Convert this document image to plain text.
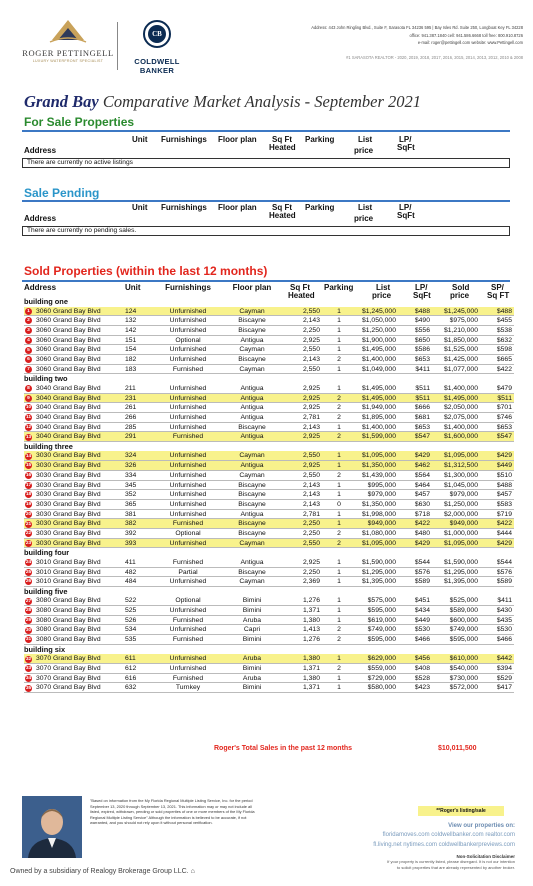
ROGER PETTINGELL
LUXURY WATERFRONT SPECIALIST
CB
COLDWELL BANKER
Address: 443 John Ringling Blvd., Suite F, Sarasota FL 34236 595 | Bay Isles Rd. Suite 250, Longboat Key FL 34228
office: 941.387.1840 cell: 941.586.6668 toll free: 800.910.8726
e-mail: roger@pettingell.com website: www.Pettingell.com
#1 SARASOTA REALTOR - 2020, 2019, 2018, 2017, 2016, 2015, 2014, 2013, 2012, 2010 & 2008
Grand Bay Comparative Market Analysis - September 2021
For Sale Properties
Address
Unit Furnishings Floor plan Sq Ft
Heated
Parking	List
price
LP/
SqFt
There are currently no active listings
Sale Pending
Address
Unit Furnishings Floor plan Sq Ft
Heated
Parking	List
price
LP/
SqFt
There are currently no pending sales.
Sold Properties (within the last 12 months)
Address	Unit	Furnishings	Floor plan	Sq Ft
Heated
Parking	List
price
LP/
SqFt
Sold
price
SP/
Sq FT
building one
1 3060 Grand Bay Blvd	124	Unfurnished	Cayman	2,550	1	$1,245,000	$488	$1,245,000	$488
2 3060 Grand Bay Blvd	132	Unfurnished	Biscayne	2,143	1	$1,050,000	$490	$975,000	$455
3 3060 Grand Bay Blvd	142	Unfurnished	Biscayne	2,250	1	$1,250,000	$556	$1,210,000	$538
4 3060 Grand Bay Blvd	151	Optional	Antigua	2,925	1	$1,900,000	$650	$1,850,000	$632
5 3060 Grand Bay Blvd	154	Unfurnished	Cayman	2,550	1	$1,495,000	$586	$1,525,000	$598
6 3060 Grand Bay Blvd	182	Unfurnished	Biscayne	2,143	2	$1,400,000	$653	$1,425,000	$665
7 3060 Grand Bay Blvd	183	Furnished	Cayman	2,550	1	$1,049,000	$411	$1,077,000	$422
building two
8 3040 Grand Bay Blvd	211	Unfurnished	Antigua	2,925	1	$1,495,000	$511	$1,400,000	$479
9 3040 Grand Bay Blvd	231	Unfurnished	Antigua	2,925	2	$1,495,000	$511	$1,495,000	$511
10 3040 Grand Bay Blvd	261	Unfurnished	Antigua	2,925	2	$1,949,000	$666	$2,050,000	$701
11 3040 Grand Bay Blvd	266	Unfurnished	Antigua	2,781	2	$1,895,000	$681	$2,075,000	$746
12 3040 Grand Bay Blvd	285	Unfurnished	Biscayne	2,143	1	$1,400,000	$653	$1,400,000	$653
13 3040 Grand Bay Blvd	291	Furnished	Antigua	2,925	2	$1,599,000	$547	$1,600,000	$547
building three
14 3030 Grand Bay Blvd	324	Unfurnished	Cayman	2,550	1	$1,095,000	$429	$1,095,000	$429
15 3030 Grand Bay Blvd	326	Unfurnished	Antigua	2,925	1	$1,350,000	$462	$1,312,500	$449
16 3030 Grand Bay Blvd	334	Unfurnished	Cayman	2,550	2	$1,439,000	$564	$1,300,000	$510
17 3030 Grand Bay Blvd	345	Unfurnished	Biscayne	2,143	1	$995,000	$464	$1,045,000	$488
18 3030 Grand Bay Blvd	352	Unfurnished	Biscayne	2,143	1	$979,000	$457	$979,000	$457
19 3030 Grand Bay Blvd	365	Unfurnished	Biscayne	2,143	0	$1,350,000	$630	$1,250,000	$583
20 3030 Grand Bay Blvd	381	Unfurnished	Antigua	2,781	1	$1,998,000	$718	$2,000,000	$719
21 3030 Grand Bay Blvd	382	Furnished	Biscayne	2,250	1	$949,000	$422	$949,000	$422
22 3030 Grand Bay Blvd	392	Optional	Biscayne	2,250	2	$1,080,000	$480	$1,000,000	$444
23 3030 Grand Bay Blvd	393	Unfurnished	Cayman	2,550	2	$1,095,000	$429	$1,095,000	$429
building four
24 3010 Grand Bay Blvd	411	Furnished	Antigua	2,925	1	$1,590,000	$544	$1,590,000	$544
25 3010 Grand Bay Blvd	482	Partial	Biscayne	2,250	1	$1,295,000	$576	$1,295,000	$576
26 3010 Grand Bay Blvd	484	Unfurnished	Cayman	2,369	1	$1,395,000	$589	$1,395,000	$589
building five
27 3080 Grand Bay Blvd	522	Optional	Bimini	1,276	1	$575,000	$451	$525,000	$411
28 3080 Grand Bay Blvd	525	Unfurnished	Bimini	1,371	1	$595,000	$434	$589,000	$430
29 3080 Grand Bay Blvd	526	Furnished	Aruba	1,380	1	$619,000	$449	$600,000	$435
30 3080 Grand Bay Blvd	534	Unfurnished	Capri	1,413	2	$749,000	$530	$749,000	$530
31 3080 Grand Bay Blvd	535	Furnished	Bimini	1,276	2	$595,000	$466	$595,000	$466
building six
32 3070 Grand Bay Blvd	611	Unfurnished	Aruba	1,380	1	$629,000	$456	$610,000	$442
33 3070 Grand Bay Blvd	612	Unfurnished	Bimini	1,371	2	$559,000	$408	$540,000	$394
34 3070 Grand Bay Blvd	616	Furnished	Aruba	1,380	1	$729,000	$528	$730,000	$529
35 3070 Grand Bay Blvd	632	Turnkey	Bimini	1,371	1	$580,000	$423	$572,000	$417
Roger's Total Sales in the past 12 months	$10,011,500
"Based on information from the My Florida Regional Multiple Listing Service, Inc. for the period September 13, 2020 through September 13, 2021. This information may or may not include all listed, expired, withdrawn, pending or sold properties of one or more members of the My Florida Regional Multiple Listing Service" Although the information is believed to be accurate, if not warranted, and you should not rely upon it without personal verification.
**Roger's listing/sale
View our properties on:
floridamoves.com coldwellbanker.com realtor.com
fl.living.net nytimes.com coldwellbankerpreviews.com
Non-Solicitation Disclaimer
If your property is currently listed, please disregard. It is not our intention
to solicit properties that are already represented by another broker.
Owned by a subsidiary of Realogy Brokerage Group LLC. ⌂
